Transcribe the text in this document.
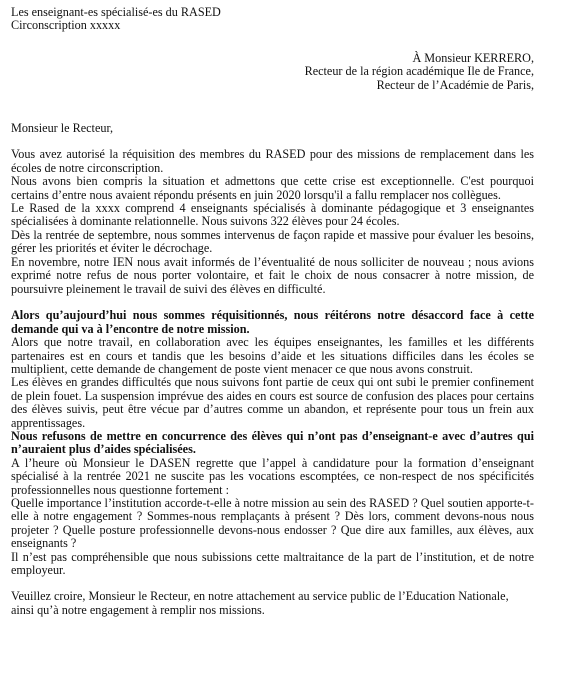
Les enseignant-es spécialisé-es du RASED
Circonscription xxxxx
À Monsieur KERRERO,
Recteur de la région académique Ile de France,
Recteur de l’Académie de Paris,
Monsieur le Recteur,

Vous avez autorisé la réquisition des membres du RASED pour des missions de remplacement dans les écoles de notre circonscription.

Nous avons bien compris la situation et admettons que cette crise est exceptionnelle. C'est pourquoi certains d’entre nous avaient répondu présents en juin 2020 lorsqu'il a fallu remplacer nos collègues.

Le Rased de la xxxx comprend 4 enseignants spécialisés à dominante pédagogique et 3 enseignantes spécialisées à dominante relationnelle. Nous suivons 322 élèves pour 24 écoles.

Dès la rentrée de septembre, nous sommes intervenus de façon rapide et massive pour évaluer les besoins, gérer les priorités et éviter le décrochage.

En novembre, notre IEN nous avait informés de l’éventualité de nous solliciter de nouveau ; nous avions exprimé notre refus de nous porter volontaire, et fait le choix de nous consacrer à notre mission, de poursuivre pleinement le travail de suivi des élèves en difficulté.

Alors qu’aujourd’hui nous sommes réquisitionnés, nous réitérons notre désaccord face à cette demande qui va à l’encontre de notre mission.

Alors que notre travail, en collaboration avec les équipes enseignantes, les familles et les différents partenaires est en cours et tandis que les besoins d’aide et les situations difficiles dans les écoles se multiplient, cette demande de changement de poste vient menacer ce que nous avons construit.

Les élèves en grandes difficultés que nous suivons font partie de ceux qui ont subi le premier confinement de plein fouet. La suspension imprévue des aides en cours est source de confusion des places pour certains des élèves suivis, peut être vécue par d’autres comme un abandon, et représente pour tous un frein aux apprentissages.

Nous refusons de mettre en concurrence des élèves qui n’ont pas d’enseignant-e avec d’autres qui n’auraient plus d’aides spécialisées.

A l’heure où Monsieur le DASEN regrette que l’appel à candidature pour la formation d’enseignant spécialisé à la rentrée 2021 ne suscite pas les vocations escomptées, ce non-respect de nos spécificités professionnelles nous questionne fortement :

Quelle importance l’institution accorde-t-elle à notre mission au sein des RASED ? Quel soutien apporte-t-elle à notre engagement ? Sommes-nous remplaçants à présent ? Dès lors, comment devons-nous nous projeter ? Quelle posture professionnelle devons-nous endosser ? Que dire aux familles, aux élèves, aux enseignants ?

Il n’est pas compréhensible que nous subissions cette maltraitance de la part de l’institution, et de notre employeur.

Veuillez croire, Monsieur le Recteur, en notre attachement au service public de l’Education Nationale, ainsi qu’à notre engagement à remplir nos missions.
